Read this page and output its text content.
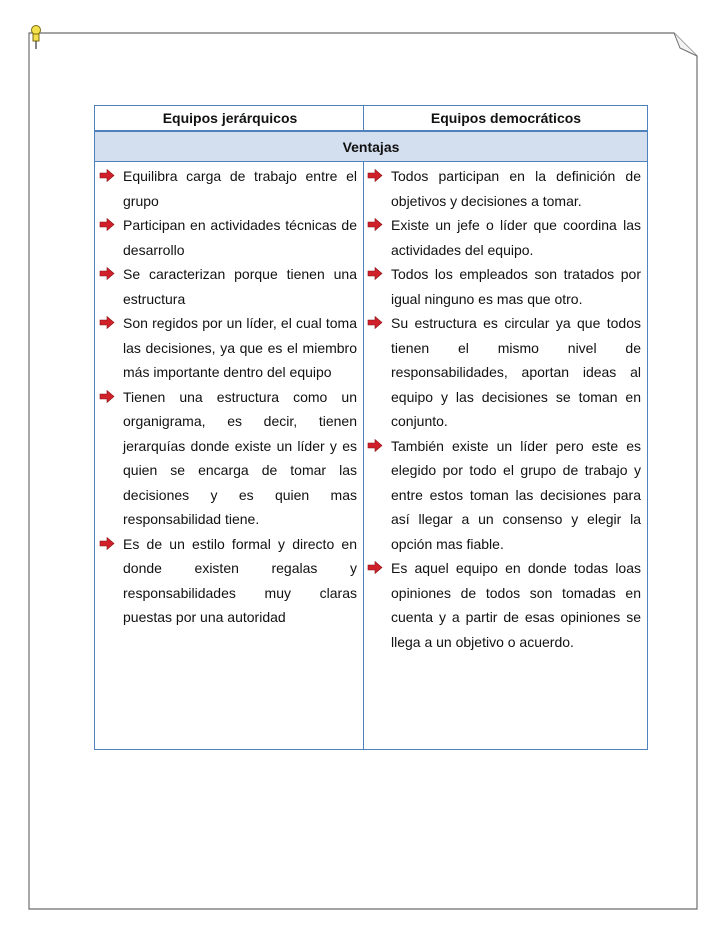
Equipos jerárquicos	Equipos democráticos
Ventajas
Equilibra carga de trabajo entre el grupo
Participan en actividades técnicas de desarrollo
Se caracterizan porque tienen una estructura
Son regidos por un líder, el cual toma las decisiones, ya que es el miembro más importante dentro del equipo
Tienen una estructura como un organigrama, es decir, tienen jerarquías donde existe un líder y es quien se encarga de tomar las decisiones y es quien mas responsabilidad tiene.
Es de un estilo formal y directo en donde existen regalas y responsabilidades muy claras puestas por una autoridad
Todos participan en la definición de objetivos y decisiones a tomar.
Existe un jefe o líder que coordina las actividades del equipo.
Todos los empleados son tratados por igual ninguno es mas que otro.
Su estructura es circular ya que todos tienen el mismo nivel de responsabilidades, aportan ideas al equipo y las decisiones se toman en conjunto.
También existe un líder pero este es elegido por todo el grupo de trabajo y entre estos toman las decisiones para así llegar a un consenso y elegir la opción mas fiable.
Es aquel equipo en donde todas loas opiniones de todos son tomadas en cuenta y a partir de esas opiniones se llega a un objetivo o acuerdo.
